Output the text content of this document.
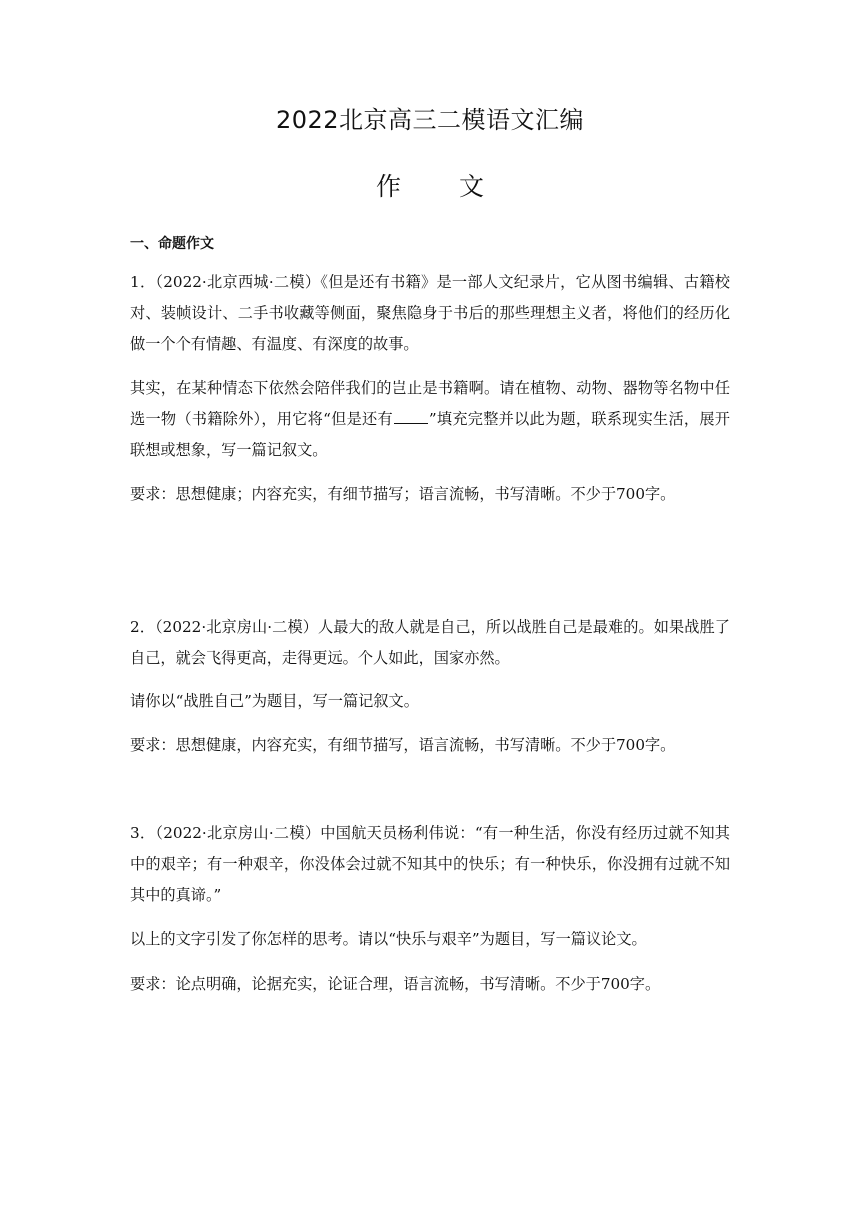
2022北京高三二模语文汇编
作文
一、命题作文

1．（2022·北京西城·二模）《但是还有书籍》是一部人文纪录片，它从图书编辑、古籍校对、装帧设计、二手书收藏等侧面，聚焦隐身于书后的那些理想主义者，将他们的经历化做一个个有情趣、有温度、有深度的故事。

其实，在某种情态下依然会陪伴我们的岂止是书籍啊。请在植物、动物、器物等名物中任选一物（书籍除外），用它将“但是还有 ”填充完整并以此为题，联系现实生活，展开联想或想象，写一篇记叙文。

要求：思想健康；内容充实，有细节描写；语言流畅，书写清晰。不少于700字。

2．（2022·北京房山·二模）人最大的敌人就是自己，所以战胜自己是最难的。如果战胜了自己，就会飞得更高，走得更远。个人如此，国家亦然。

请你以“战胜自己”为题目，写一篇记叙文。

要求：思想健康，内容充实，有细节描写，语言流畅，书写清晰。不少于700字。

3．（2022·北京房山·二模）中国航天员杨利伟说：“有一种生活，你没有经历过就不知其中的艰辛；有一种艰辛，你没体会过就不知其中的快乐；有一种快乐，你没拥有过就不知其中的真谛。”

以上的文字引发了你怎样的思考。请以“快乐与艰辛”为题目，写一篇议论文。

要求：论点明确，论据充实，论证合理，语言流畅，书写清晰。不少于700字。
